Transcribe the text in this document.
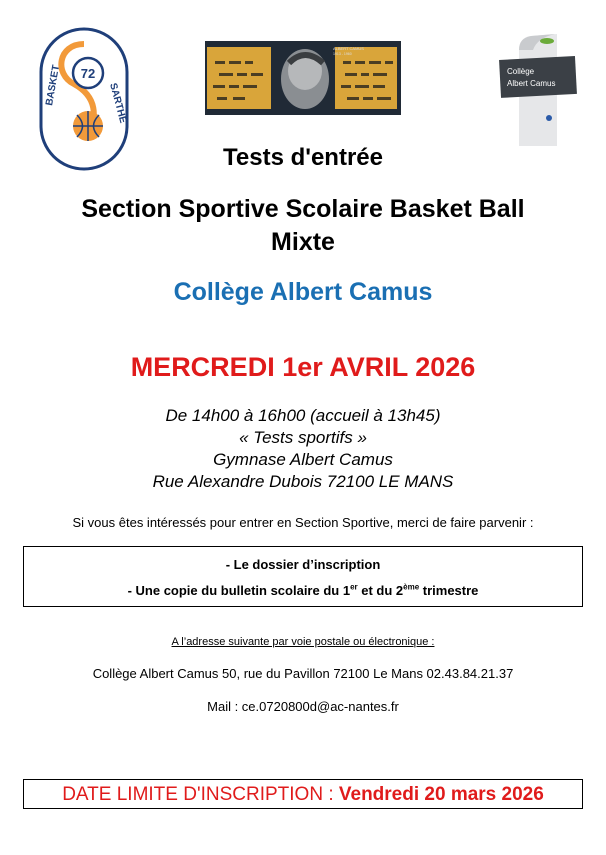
72
BASKET	SARTHE
ALBERT CAMUS
1913 - 1960
Collège
Albert Camus
Tests d'entrée
Section Sportive Scolaire Basket Ball
Mixte
Collège Albert Camus
MERCREDI 1er AVRIL 2026
De 14h00 à 16h00 (accueil à 13h45)
« Tests sportifs »
Gymnase Albert Camus
Rue Alexandre Dubois 72100 LE MANS
Si vous êtes intéressés pour entrer en Section Sportive, merci de faire parvenir :
- Le dossier d’inscription
- Une copie du bulletin scolaire du 1er et du 2ème trimestre
A l’adresse suivante par voie postale ou électronique :
Collège Albert Camus 50, rue du Pavillon 72100 Le Mans 02.43.84.21.37
Mail : ce.0720800d@ac-nantes.fr
DATE LIMITE D'INSCRIPTION : Vendredi 20 mars 2026
